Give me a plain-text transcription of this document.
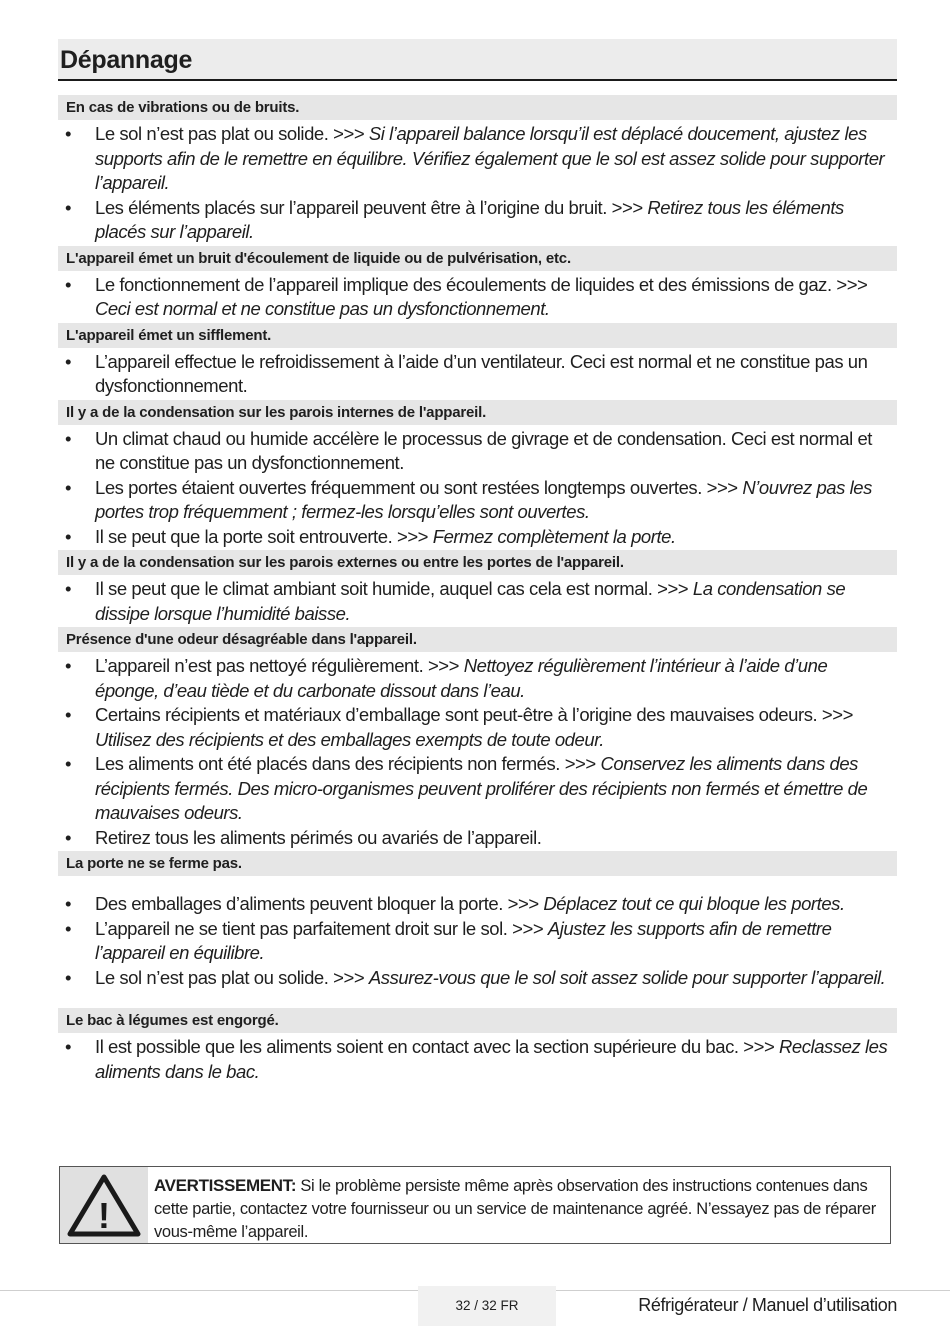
Dépannage
En cas de vibrations ou de bruits.
• Le sol n’est pas plat ou solide. >>> Si l’appareil balance lorsqu’il est déplacé doucement, ajustez les supports afin de le remettre en équilibre. Vérifiez également que le sol est assez solide pour supporter l’appareil.
• Les éléments placés sur l’appareil peuvent être à l’origine du bruit. >>> Retirez tous les éléments placés sur l’appareil.
L'appareil émet un bruit d'écoulement de liquide ou de pulvérisation, etc.
• Le fonctionnement de l’appareil implique des écoulements de liquides et des émissions de gaz. >>> Ceci est normal et ne constitue pas un dysfonctionnement.
L'appareil émet un sifflement.
• L’appareil effectue le refroidissement à l’aide d’un ventilateur. Ceci est normal et ne constitue pas un dysfonctionnement.
Il y a de la condensation sur les parois internes de l'appareil.
• Un climat chaud ou humide accélère le processus de givrage et de condensation. Ceci est normal et ne constitue pas un dysfonctionnement.
• Les portes étaient ouvertes fréquemment ou sont restées longtemps ouvertes. >>> N’ouvrez pas les portes trop fréquemment ; fermez-les lorsqu’elles sont ouvertes.
• Il se peut que la porte soit entrouverte. >>> Fermez complètement la porte.
Il y a de la condensation sur les parois externes ou entre les portes de l'appareil.
• Il se peut que le climat ambiant soit humide, auquel cas cela est normal. >>> La condensation se dissipe lorsque l’humidité baisse.
Présence d'une odeur désagréable dans l'appareil.
• L’appareil n’est pas nettoyé régulièrement. >>> Nettoyez régulièrement l’intérieur à l’aide d’une éponge, d’eau tiède et du carbonate dissout dans l’eau.
• Certains récipients et matériaux d’emballage sont peut-être à l’origine des mauvaises odeurs. >>> Utilisez des récipients et des emballages exempts de toute odeur.
• Les aliments ont été placés dans des récipients non fermés. >>> Conservez les aliments dans des récipients fermés. Des micro-organismes peuvent proliférer des récipients non fermés et émettre de mauvaises odeurs.
• Retirez tous les aliments périmés ou avariés de l’appareil.
La porte ne se ferme pas.
• Des emballages d’aliments peuvent bloquer la porte. >>> Déplacez tout ce qui bloque les portes.
• L’appareil ne se tient pas parfaitement droit sur le sol. >>> Ajustez les supports afin de remettre l’appareil en équilibre.
• Le sol n’est pas plat ou solide. >>> Assurez-vous que le sol soit assez solide pour supporter l’appareil.
Le bac à légumes est engorgé.
• Il est possible que les aliments soient en contact avec la section supérieure du bac. >>> Reclassez les aliments dans le bac.
!
AVERTISSEMENT: Si le problème persiste même après observation des instructions contenues dans cette partie, contactez votre fournisseur ou un service de maintenance agréé. N’essayez pas de réparer vous-même l’appareil.
32 / 32 FR	Réfrigérateur / Manuel d’utilisation
